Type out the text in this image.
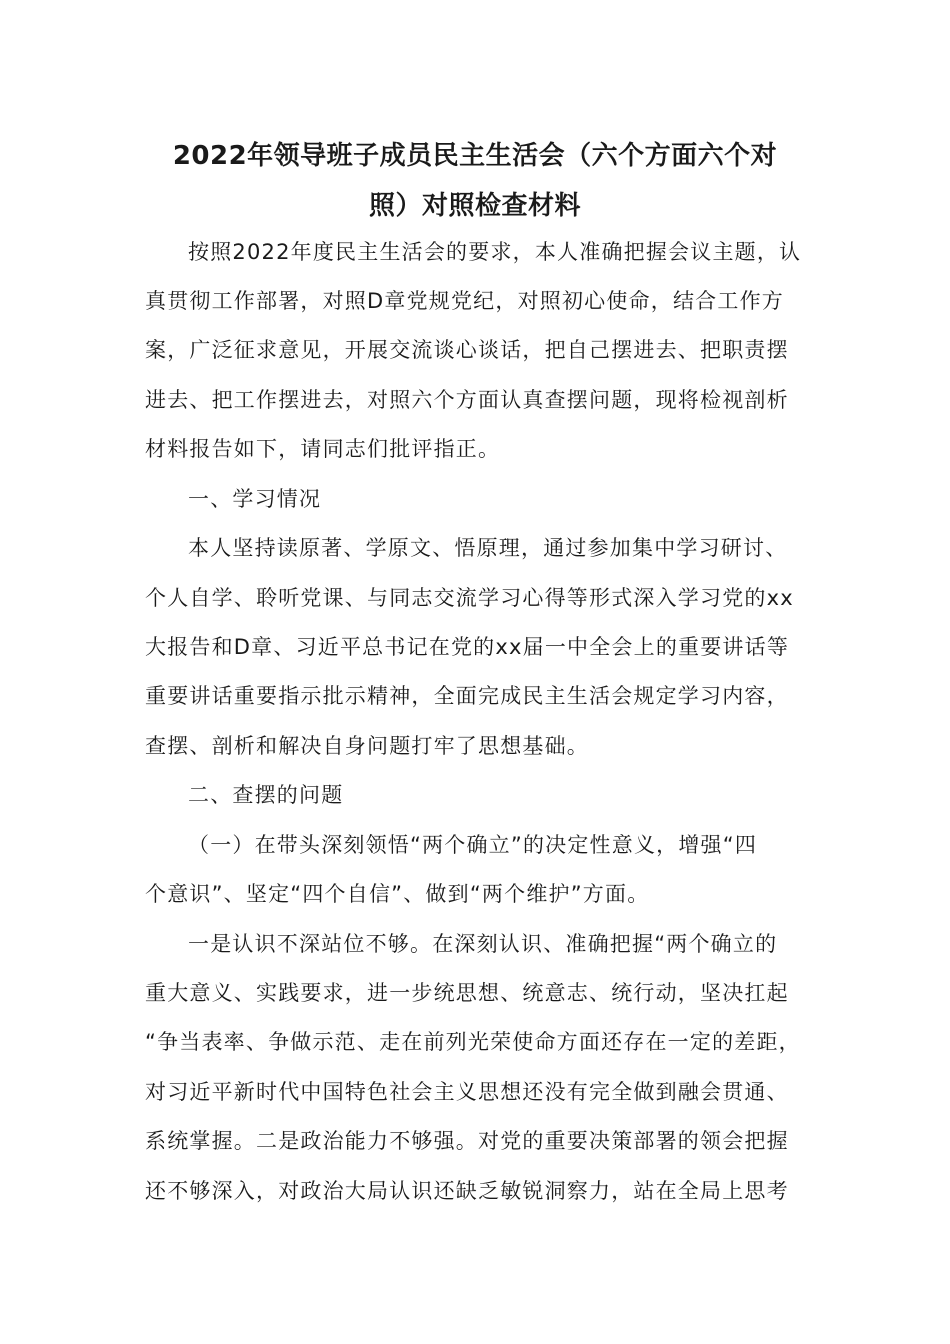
2022年领导班子成员民主生活会（六个方面六个对
照）对照检查材料
按照2022年度民主生活会的要求，本人准确把握会议主题，认
真贯彻工作部署，对照D章党规党纪，对照初心使命，结合工作方
案，广泛征求意见，开展交流谈心谈话，把自己摆进去、把职责摆
进去、把工作摆进去，对照六个方面认真查摆问题，现将检视剖析
材料报告如下，请同志们批评指正。
一、学习情况
本人坚持读原著、学原文、悟原理，通过参加集中学习研讨、
个人自学、聆听党课、与同志交流学习心得等形式深入学习党的xx
大报告和D章、习近平总书记在党的xx届一中全会上的重要讲话等
重要讲话重要指示批示精神，全面完成民主生活会规定学习内容，
查摆、剖析和解决自身问题打牢了思想基础。
二、查摆的问题
（一）在带头深刻领悟“两个确立”的决定性意义，增强“四
个意识”、坚定“四个自信”、做到“两个维护”方面。
一是认识不深站位不够。在深刻认识、准确把握“两个确立的
重大意义、实践要求，进一步统思想、统意志、统行动，坚决扛起
“争当表率、争做示范、走在前列光荣使命方面还存在一定的差距，
对习近平新时代中国特色社会主义思想还没有完全做到融会贯通、
系统掌握。二是政治能力不够强。对党的重要决策部署的领会把握
还不够深入，对政治大局认识还缺乏敏锐洞察力，站在全局上思考
